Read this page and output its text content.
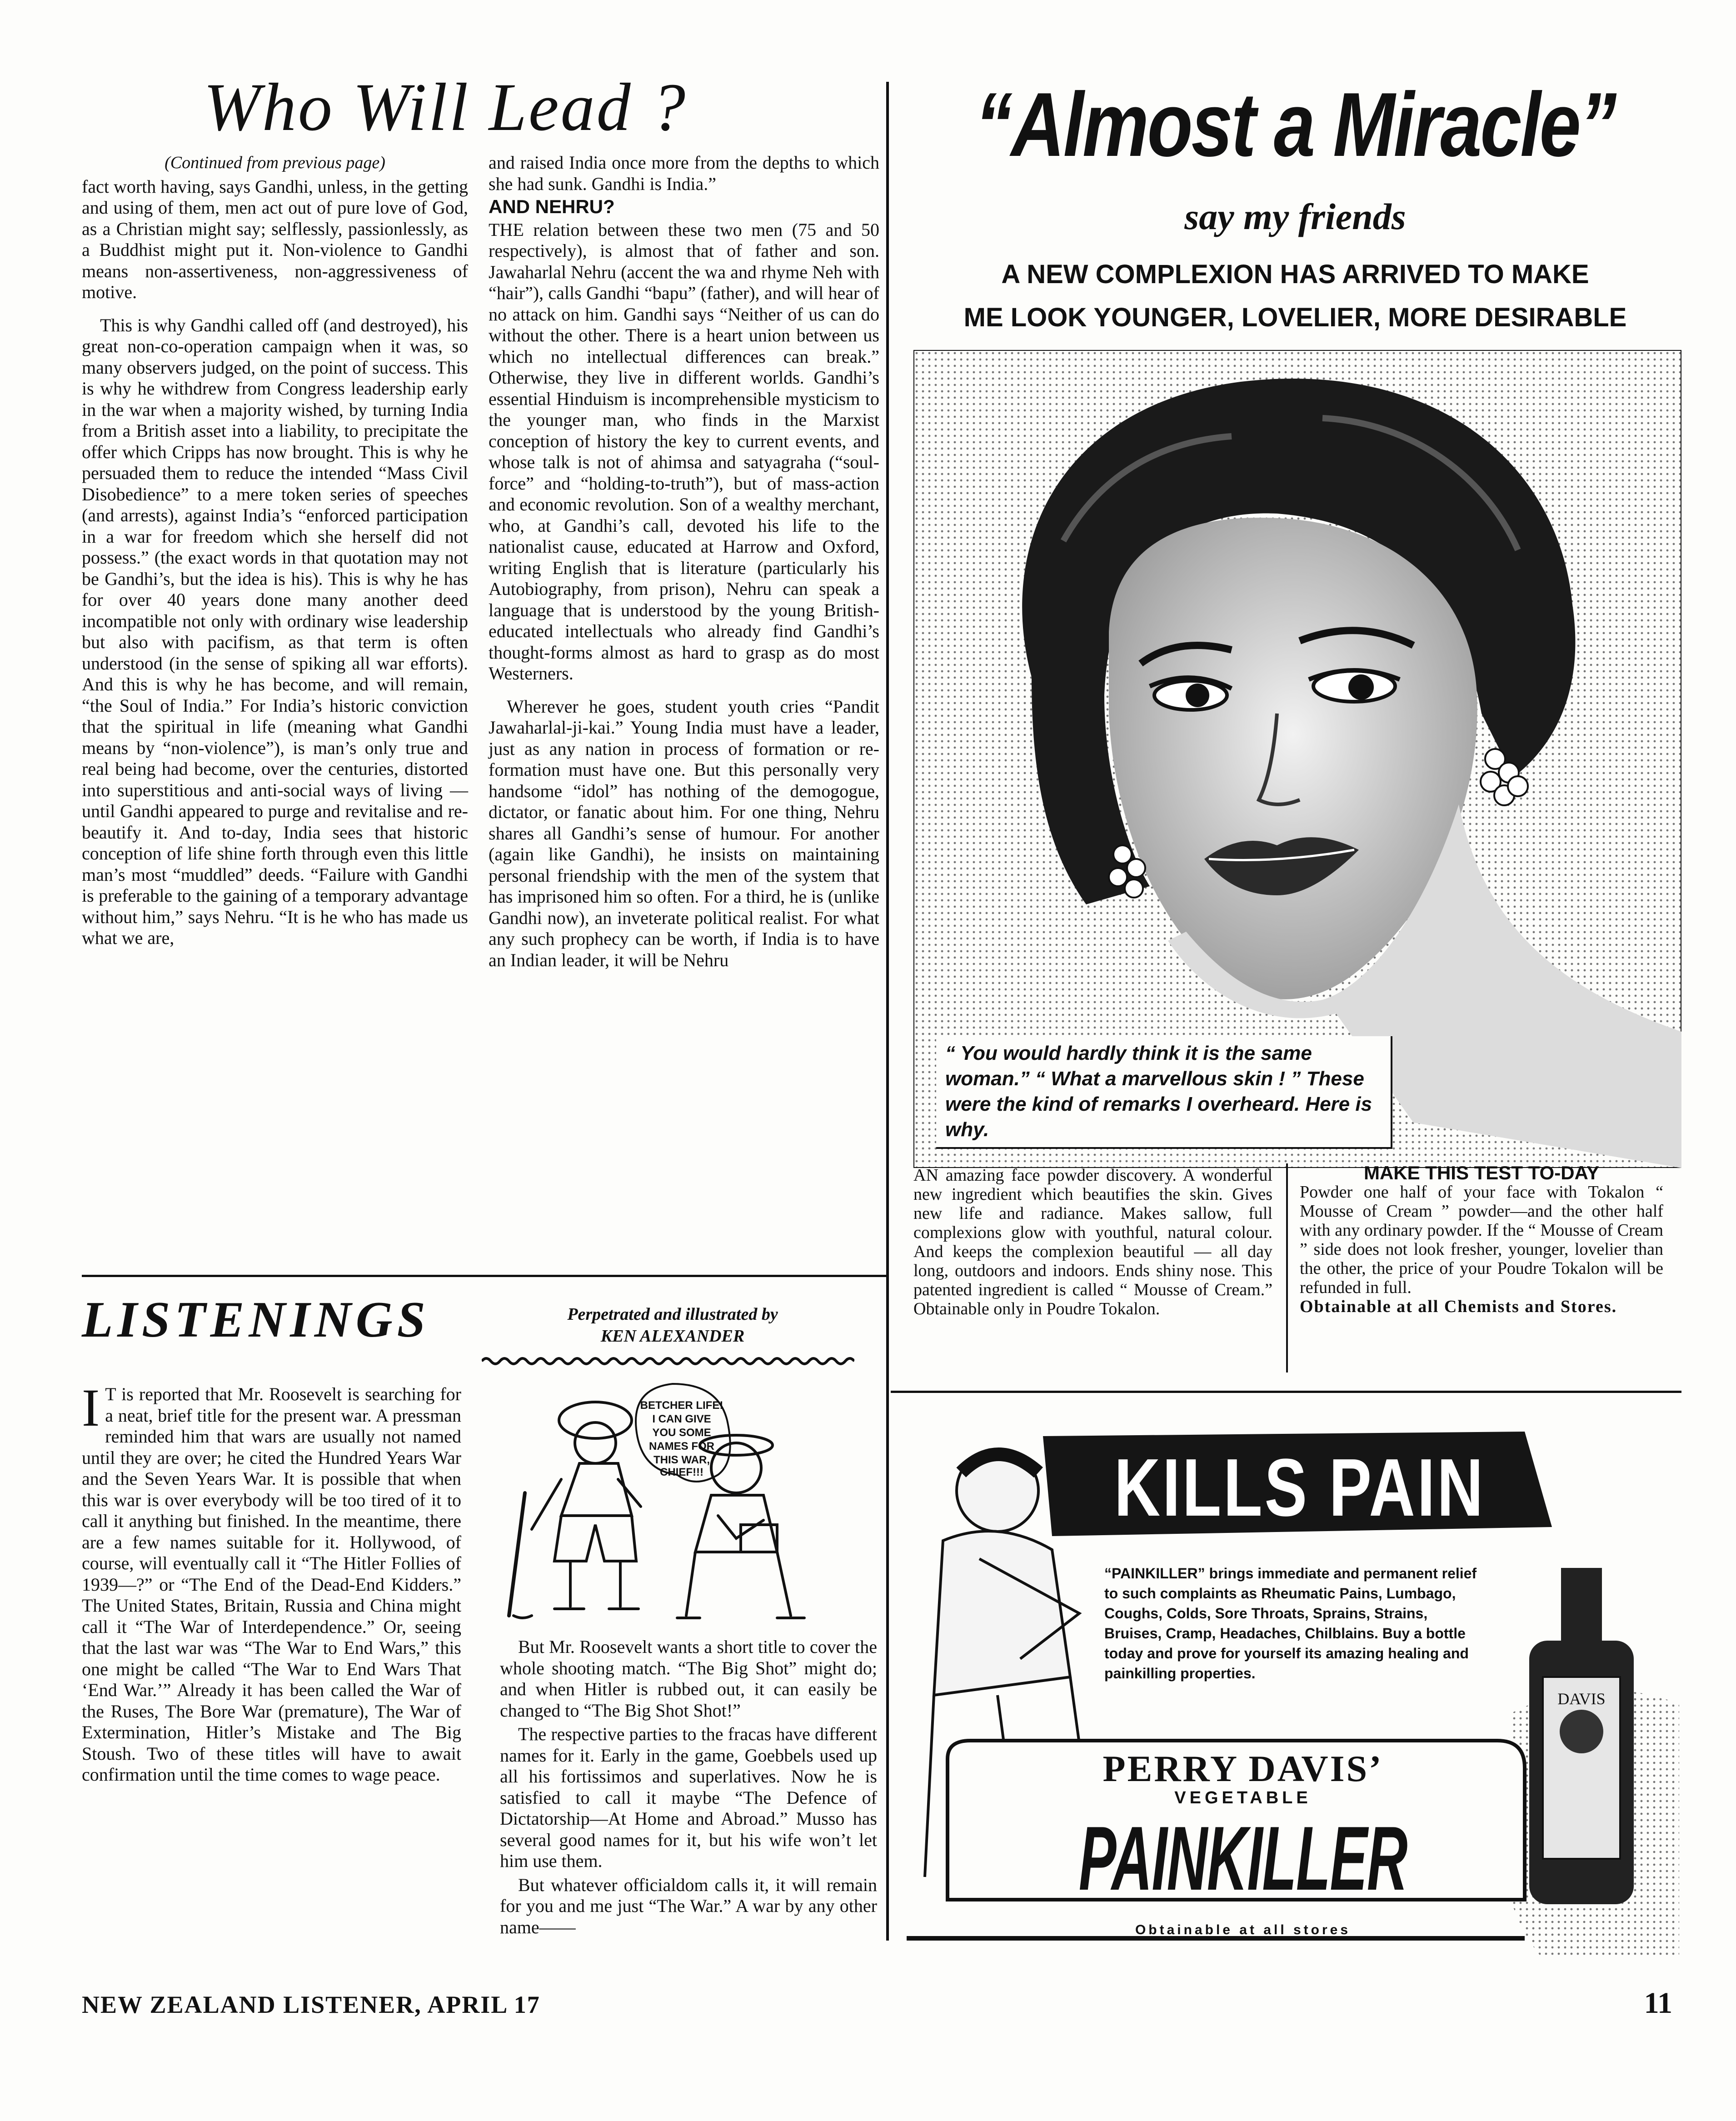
Who Will Lead ?
(Continued from previous page)

fact worth having, says Gandhi, unless, in the getting and using of them, men act out of pure love of God, as a Christian might say; selflessly, passionlessly, as a Buddhist might put it. Non-violence to Gandhi means non-assertiveness, non-aggressiveness of motive.

This is why Gandhi called off (and destroyed), his great non-co-operation campaign when it was, so many observers judged, on the point of success. This is why he withdrew from Congress leadership early in the war when a majority wished, by turning India from a British asset into a liability, to precipitate the offer which Cripps has now brought. This is why he persuaded them to reduce the intended “Mass Civil Disobedience” to a mere token series of speeches (and arrests), against India’s “enforced participation in a war for freedom which she herself did not possess.” (the exact words in that quotation may not be Gandhi’s, but the idea is his). This is why he has for over 40 years done many another deed incompatible not only with ordinary wise leadership but also with pacifism, as that term is often understood (in the sense of spiking all war efforts). And this is why he has become, and will remain, “the Soul of India.” For India’s historic conviction that the spiritual in life (meaning what Gandhi means by “non-violence”), is man’s only true and real being had become, over the centuries, distorted into superstitious and anti-social ways of living — until Gandhi appeared to purge and revitalise and re-beautify it. And to-day, India sees that historic conception of life shine forth through even this little man’s most “muddled” deeds. “Failure with Gandhi is preferable to the gaining of a temporary advantage without him,” says Nehru. “It is he who has made us what we are,

and raised India once more from the depths to which she had sunk. Gandhi is India.”

AND NEHRU?

THE relation between these two men (75 and 50 respectively), is almost that of father and son. Jawaharlal Nehru (accent the wa and rhyme Neh with “hair”), calls Gandhi “bapu” (father), and will hear of no attack on him. Gandhi says “Neither of us can do without the other. There is a heart union between us which no intellectual differences can break.” Otherwise, they live in different worlds. Gandhi’s essential Hinduism is incomprehensible mysticism to the younger man, who finds in the Marxist conception of history the key to current events, and whose talk is not of ahimsa and satyagraha (“soul-force” and “holding-to-truth”), but of mass-action and economic revolution. Son of a wealthy merchant, who, at Gandhi’s call, devoted his life to the nationalist cause, educated at Harrow and Oxford, writing English that is literature (particularly his Autobiography, from prison), Nehru can speak a language that is understood by the young British-educated intellectuals who already find Gandhi’s thought-forms almost as hard to grasp as do most Westerners.

Wherever he goes, student youth cries “Pandit Jawaharlal-ji-kai.” Young India must have a leader, just as any nation in process of formation or re-formation must have one. But this personally very handsome “idol” has nothing of the demogogue, dictator, or fanatic about him. For one thing, Nehru shares all Gandhi’s sense of humour. For another (again like Gandhi), he insists on maintaining personal friendship with the men of the system that has imprisoned him so often. For a third, he is (unlike Gandhi now), an inveterate political realist. For what any such prophecy can be worth, if India is to have an Indian leader, it will be Nehru

LISTENINGS	Perpetrated and illustrated by
KEN ALEXANDER
I T is reported that Mr. Roosevelt is searching for a neat, brief title for the present war. A pressman reminded him that wars are usually not named until they are over; he cited the Hundred Years War and the Seven Years War. It is possible that when this war is over everybody will be too tired of it to call it anything but finished. In the meantime, there are a few names suitable for it. Hollywood, of course, will eventually call it “The Hitler Follies of 1939—?” or “The End of the Dead-End Kidders.” The United States, Britain, Russia and China might call it “The War of Interdependence.” Or, seeing that the last war was “The War to End Wars,” this one might be called “The War to End Wars That ‘End War.’” Already it has been called the War of the Ruses, The Bore War (premature), The War of Extermination, Hitler’s Mistake and The Big Stoush. Two of these titles will have to await confirmation until the time comes to wage peace.

BETCHER LIFE!
I CAN GIVE
YOU SOME
NAMES FOR
THIS WAR,
CHIEF!!!

But Mr. Roosevelt wants a short title to cover the whole shooting match. “The Big Shot” might do; and when Hitler is rubbed out, it can easily be changed to “The Big Shot Shot!”

The respective parties to the fracas have different names for it. Early in the game, Goebbels used up all his fortissimos and superlatives. Now he is satisfied to call it maybe “The Defence of Dictatorship—At Home and Abroad.” Musso has several good names for it, but his wife won’t let him use them.

But whatever officialdom calls it, it will remain for you and me just “The War.” A war by any other name——

“Almost a Miracle”
say my friends
A NEW COMPLEXION HAS ARRIVED TO MAKE
ME LOOK YOUNGER, LOVELIER, MORE DESIRABLE
“ You would hardly think it is the same woman.” “ What a marvellous skin ! ” These were the kind of remarks I overheard. Here is why.

AN amazing face powder discovery. A wonderful new ingredient which beautifies the skin. Gives new life and radiance. Makes sallow, full complexions glow with youthful, natural colour. And keeps the complexion beautiful — all day long, outdoors and indoors. Ends shiny nose. This patented ingredient is called “ Mousse of Cream.” Obtainable only in Poudre Tokalon.

MAKE THIS TEST TO-DAY

Powder one half of your face with Tokalon “ Mousse of Cream ” powder—and the other half with any ordinary powder. If the “ Mousse of Cream ” side does not look fresher, younger, lovelier than the other, the price of your Poudre Tokalon will be refunded in full.

Obtainable at all Chemists and Stores.

DAVIS
KILLS PAIN
“PAINKILLER” brings immediate and permanent relief to such complaints as Rheumatic Pains, Lumbago, Coughs, Colds, Sore Throats, Sprains, Strains, Bruises, Cramp, Headaches, Chilblains. Buy a bottle today and prove for yourself its amazing healing and painkilling properties.
PERRY DAVIS’
VEGETABLE
PAINKILLER
Obtainable at all stores
NEW ZEALAND LISTENER, APRIL 17	11
